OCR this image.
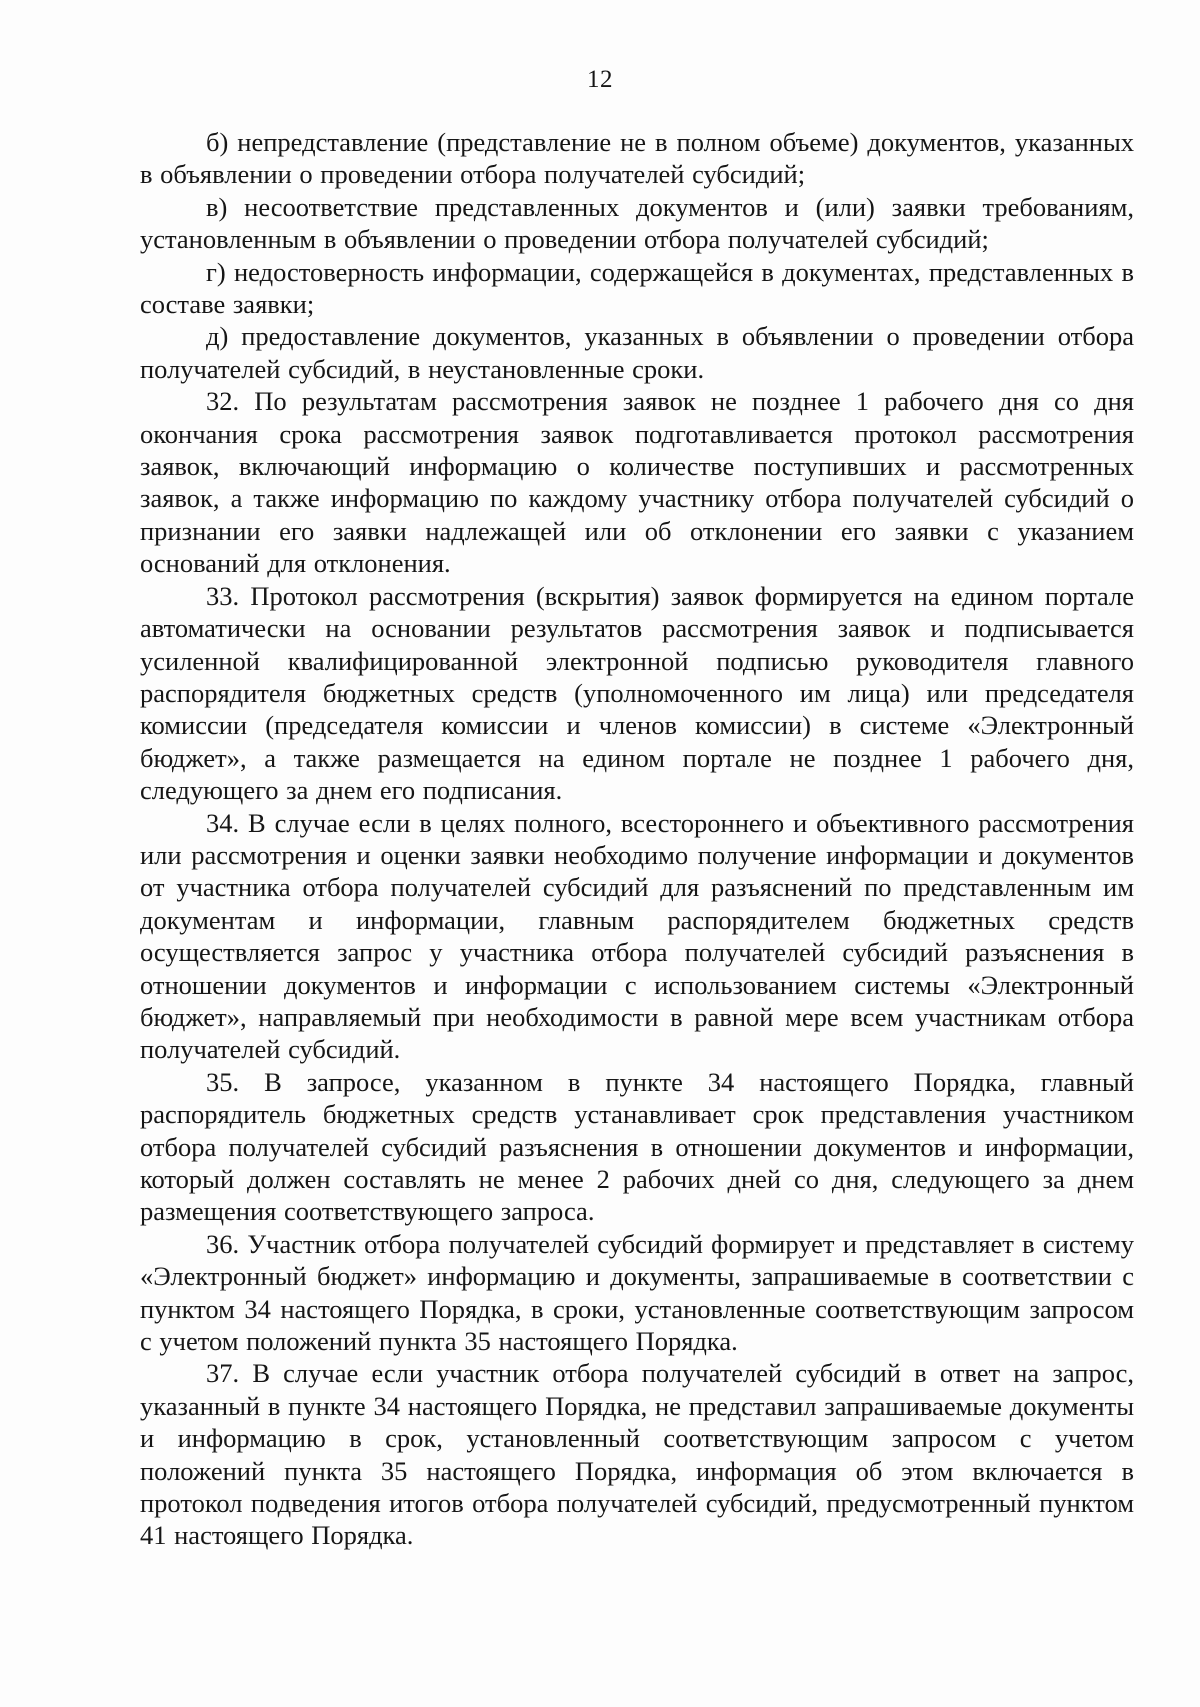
12

б) непредставление (представление не в полном объеме) документов, указанных в объявлении о проведении отбора получателей субсидий;

в) несоответствие представленных документов и (или) заявки требованиям, установленным в объявлении о проведении отбора получателей субсидий;

г) недостоверность информации, содержащейся в документах, представленных в составе заявки;

д) предоставление документов, указанных в объявлении о проведении отбора получателей субсидий, в неустановленные сроки.

32. По результатам рассмотрения заявок не позднее 1 рабочего дня со дня окончания срока рассмотрения заявок подготавливается протокол рассмотрения заявок, включающий информацию о количестве поступивших и рассмотренных заявок, а также информацию по каждому участнику отбора получателей субсидий о признании его заявки надлежащей или об отклонении его заявки с указанием оснований для отклонения.

33. Протокол рассмотрения (вскрытия) заявок формируется на едином портале автоматически на основании результатов рассмотрения заявок и подписывается усиленной квалифицированной электронной подписью руководителя главного распорядителя бюджетных средств (уполномоченного им лица) или председателя комиссии (председателя комиссии и членов комиссии) в системе «Электронный бюджет», а также размещается на едином портале не позднее 1 рабочего дня, следующего за днем его подписания.

34. В случае если в целях полного, всестороннего и объективного рассмотрения или рассмотрения и оценки заявки необходимо получение информации и документов от участника отбора получателей субсидий для разъяснений по представленным им документам и информации, главным распорядителем бюджетных средств осуществляется запрос у участника отбора получателей субсидий разъяснения в отношении документов и информации с использованием системы «Электронный бюджет», направляемый при необходимости в равной мере всем участникам отбора получателей субсидий.

35. В запросе, указанном в пункте 34 настоящего Порядка, главный распорядитель бюджетных средств устанавливает срок представления участником отбора получателей субсидий разъяснения в отношении документов и информации, который должен составлять не менее 2 рабочих дней со дня, следующего за днем размещения соответствующего запроса.

36. Участник отбора получателей субсидий формирует и представляет в систему «Электронный бюджет» информацию и документы, запрашиваемые в соответствии с пунктом 34 настоящего Порядка, в сроки, установленные соответствующим запросом с учетом положений пункта 35 настоящего Порядка.

37. В случае если участник отбора получателей субсидий в ответ на запрос, указанный в пункте 34 настоящего Порядка, не представил запрашиваемые документы и информацию в срок, установленный соответствующим запросом с учетом положений пункта 35 настоящего Порядка, информация об этом включается в протокол подведения итогов отбора получателей субсидий, предусмотренный пунктом 41 настоящего Порядка.
